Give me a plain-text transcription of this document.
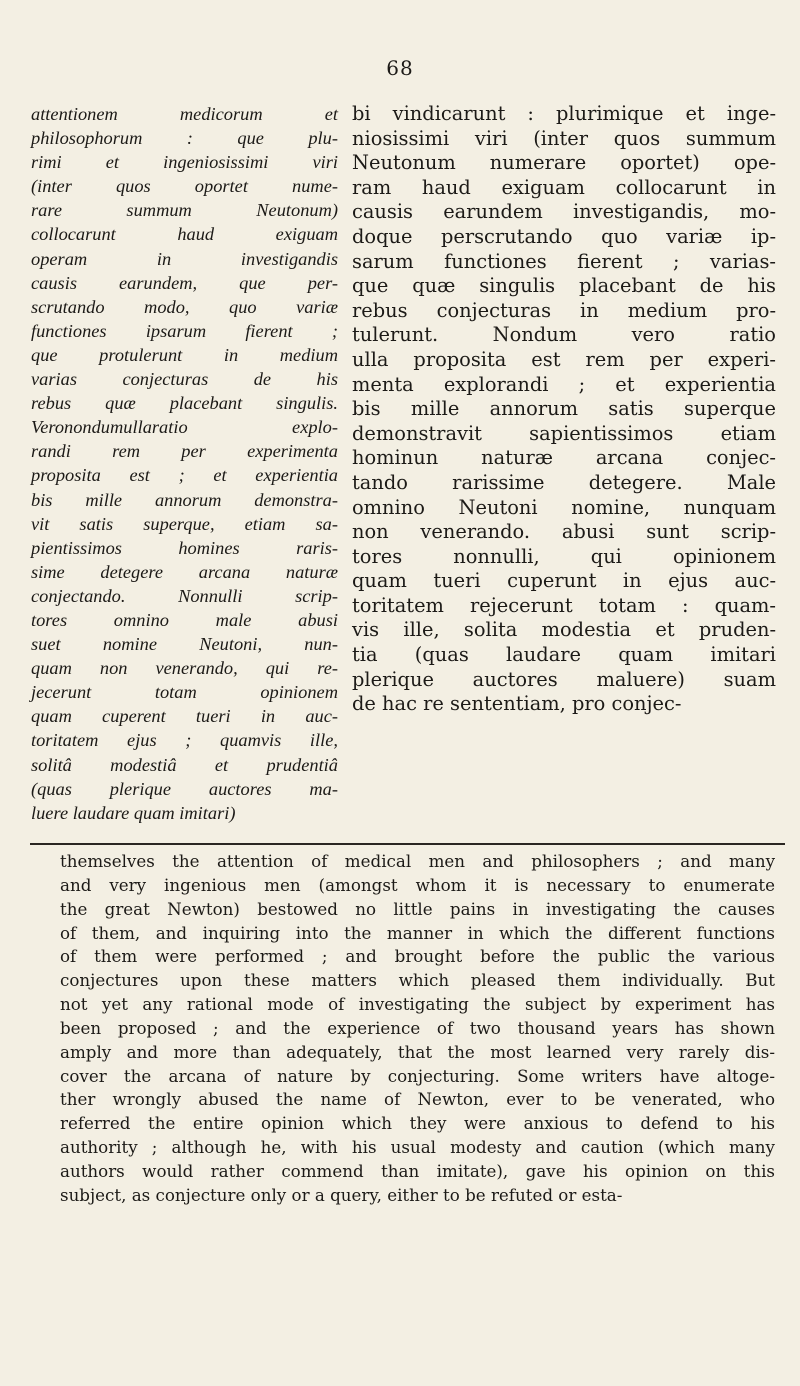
68
attentionem medicorum et
philosophorum : que plu-
rimi et ingeniosissimi viri
(inter quos oportet nume-
rare summum Neutonum)
collocarunt haud exiguam
operam in investigandis
causis earundem, que per-
scrutando modo, quo variæ
functiones ipsarum fierent ;
que protulerunt in medium
varias conjecturas de his
rebus quæ placebant singulis.
Veronondumullaratio explo-
randi rem per experimenta
proposita est ; et experientia
bis mille annorum demonstra-
vit satis superque, etiam sa-
pientissimos homines raris-
sime detegere arcana naturæ
conjectando. Nonnulli scrip-
tores omnino male abusi
suet nomine Neutoni, nun-
quam non venerando, qui re-
jecerunt totam opinionem
quam cuperent tueri in auc-
toritatem ejus ; quamvis ille,
solitâ modestiâ et prudentiâ
(quas plerique auctores ma-
luere laudare quam imitari)
bi vindicarunt : plurimique et inge-
niosissimi viri (inter quos summum
Neutonum numerare oportet) ope-
ram haud exiguam collocarunt in
causis earundem investigandis, mo-
doque perscrutando quo variæ ip-
sarum functiones fierent ; varias-
que quæ singulis placebant de his
rebus conjecturas in medium pro-
tulerunt. Nondum vero ratio
ulla proposita est rem per experi-
menta explorandi ; et experientia
bis mille annorum satis superque
demonstravit sapientissimos etiam
hominun naturæ arcana conjec-
tando rarissime detegere. Male
omnino Neutoni nomine, nunquam
non venerando. abusi sunt scrip-
tores nonnulli, qui opinionem
quam tueri cuperunt in ejus auc-
toritatem rejecerunt totam : quam-
vis ille, solita modestia et pruden-
tia (quas laudare quam imitari
plerique auctores maluere) suam
de hac re sententiam, pro conjec-
themselves the attention of medical men and philosophers ; and many
and very ingenious men (amongst whom it is necessary to enumerate
the great Newton) bestowed no little pains in investigating the causes
of them, and inquiring into the manner in which the different functions
of them were performed ; and brought before the public the various
conjectures upon these matters which pleased them individually. But
not yet any rational mode of investigating the subject by experiment has
been proposed ; and the experience of two thousand years has shown
amply and more than adequately, that the most learned very rarely dis-
cover the arcana of nature by conjecturing. Some writers have altoge-
ther wrongly abused the name of Newton, ever to be venerated, who
referred the entire opinion which they were anxious to defend to his
authority ; although he, with his usual modesty and caution (which many
authors would rather commend than imitate), gave his opinion on this
subject, as conjecture only or a query, either to be refuted or esta-
